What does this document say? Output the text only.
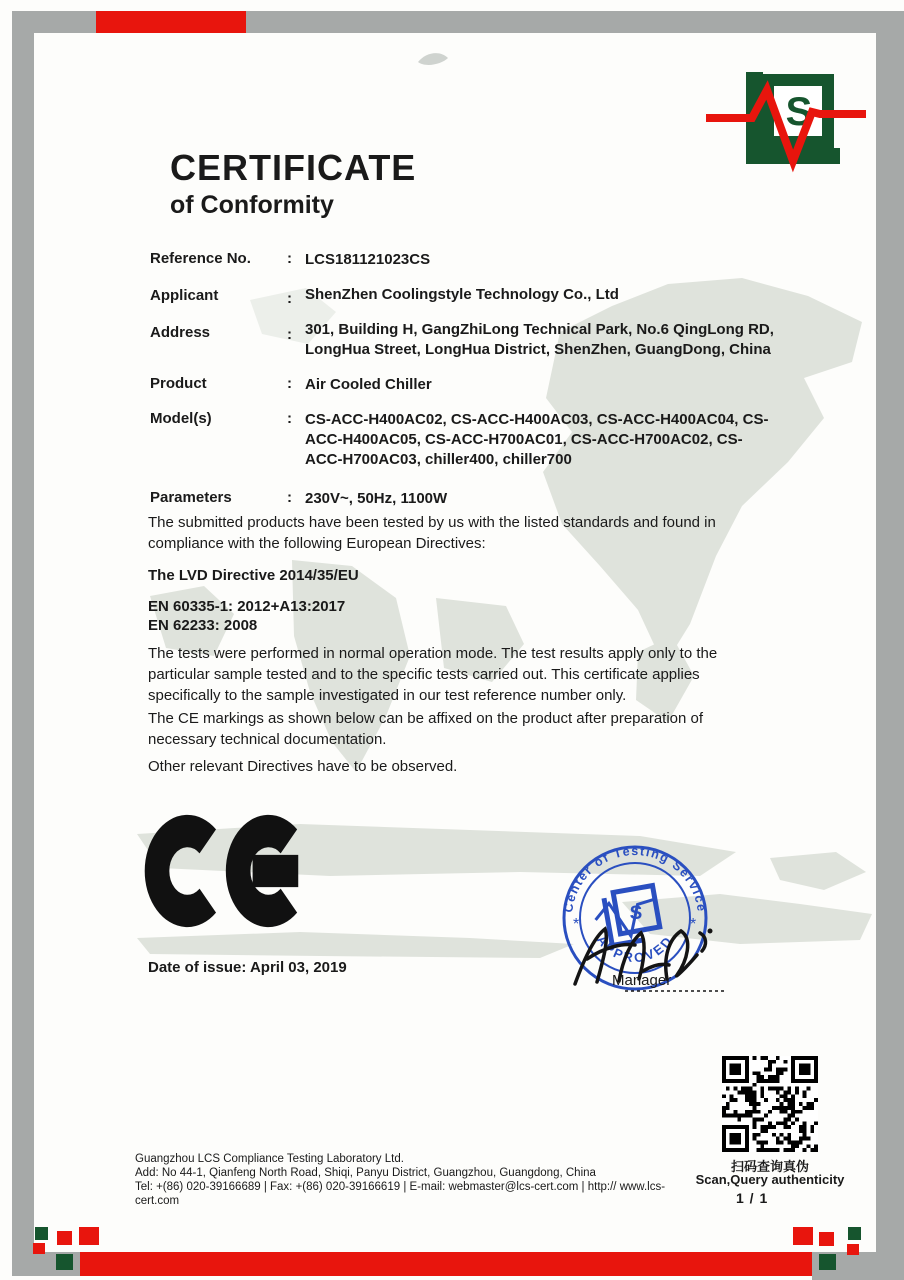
S
CERTIFICATE
of Conformity
Reference No.	: LCS181121023CS
Applicant	: ShenZhen Coolingstyle Technology Co., Ltd
Address	: 301, Building H, GangZhiLong Technical Park, No.6 QingLong RD, LongHua Street, LongHua District, ShenZhen, GuangDong, China
Product	: Air Cooled Chiller
Model(s)	: CS-ACC-H400AC02, CS-ACC-H400AC03, CS-ACC-H400AC04, CS-ACC-H400AC05, CS-ACC-H700AC01, CS-ACC-H700AC02, CS-ACC-H700AC03, chiller400, chiller700
Parameters	: 230V~, 50Hz, 1100W

The submitted products have been tested by us with the listed standards and found in compliance with the following European Directives:

The LVD Directive 2014/35/EU

EN 60335-1: 2012+A13:2017

EN 62233: 2008

The tests were performed in normal operation mode. The test results apply only to the particular sample tested and to the specific tests carried out. This certificate applies specifically to the sample investigated in our test reference number only.

The CE markings as shown below can be affixed on the product after preparation of necessary technical documentation.

Other relevant Directives have to be observed.

Date of issue: April 03, 2019

Center of Testing Service
APPROVED
*	*
S
Manager
扫码查询真伪
Scan,Query authenticity
1 / 1
Guangzhou LCS Compliance Testing Laboratory Ltd.
Add: No 44-1, Qianfeng North Road, Shiqi, Panyu District, Guangzhou, Guangdong, China
Tel: +(86) 020-39166689 | Fax: +(86) 020-39166619 | E-mail: webmaster@lcs-cert.com | http:// www.lcs-cert.com
